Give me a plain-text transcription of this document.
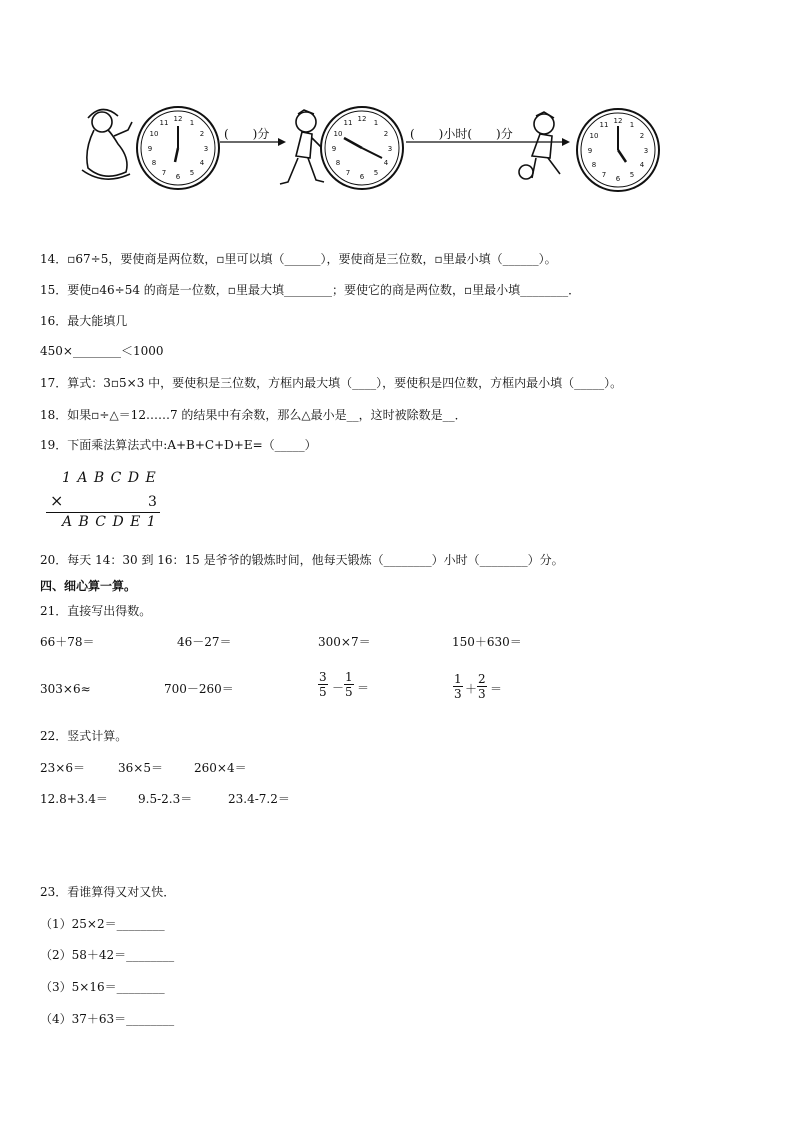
12 1
2
3
4
5
6
7
8
9
10
11
(　　)分
12 1
2
3
4
5
6
7
8
9
10
11
(　　)小时(　　)分
12 1
2
3
4
5
6
7
8
9
10
11
14．▫67÷5，要使商是两位数，▫里可以填（______），要使商是三位数，▫里最小填（______）。
15．要使▫46÷54 的商是一位数，▫里最大填________；要使它的商是两位数，▫里最小填________．
16．最大能填几
450×________＜1000
17．算式：3▫5×3 中，要使积是三位数，方框内最大填（____），要使积是四位数，方框内最小填（_____）。
18．如果▫÷△＝12……7 的结果中有余数，那么△最小是__，这时被除数是__．
19．下面乘法算法式中:A+B+C+D+E=（_____）
1 A B C D E
×	3
A B C D E 1
20．每天 14：30 到 16：15 是爷爷的锻炼时间，他每天锻炼（________）小时（________）分。
四、细心算一算。
21．直接写出得数。
66＋78＝	46－27＝	300×7＝	150＋630＝
303×6≈	700－260＝	$\frac{3}{5} - \frac{1}{5}$ ＝	$\frac{1}{3} + \frac{2}{3}$ ＝
22．竖式计算。
23×6＝	36×5＝	260×4＝
12.8+3.4＝	9.5-2.3＝	23.4-7.2＝
23．看谁算得又对又快．
（1）25×2＝________
（2）58＋42＝________
（3）5×16＝________
（4）37＋63＝________
